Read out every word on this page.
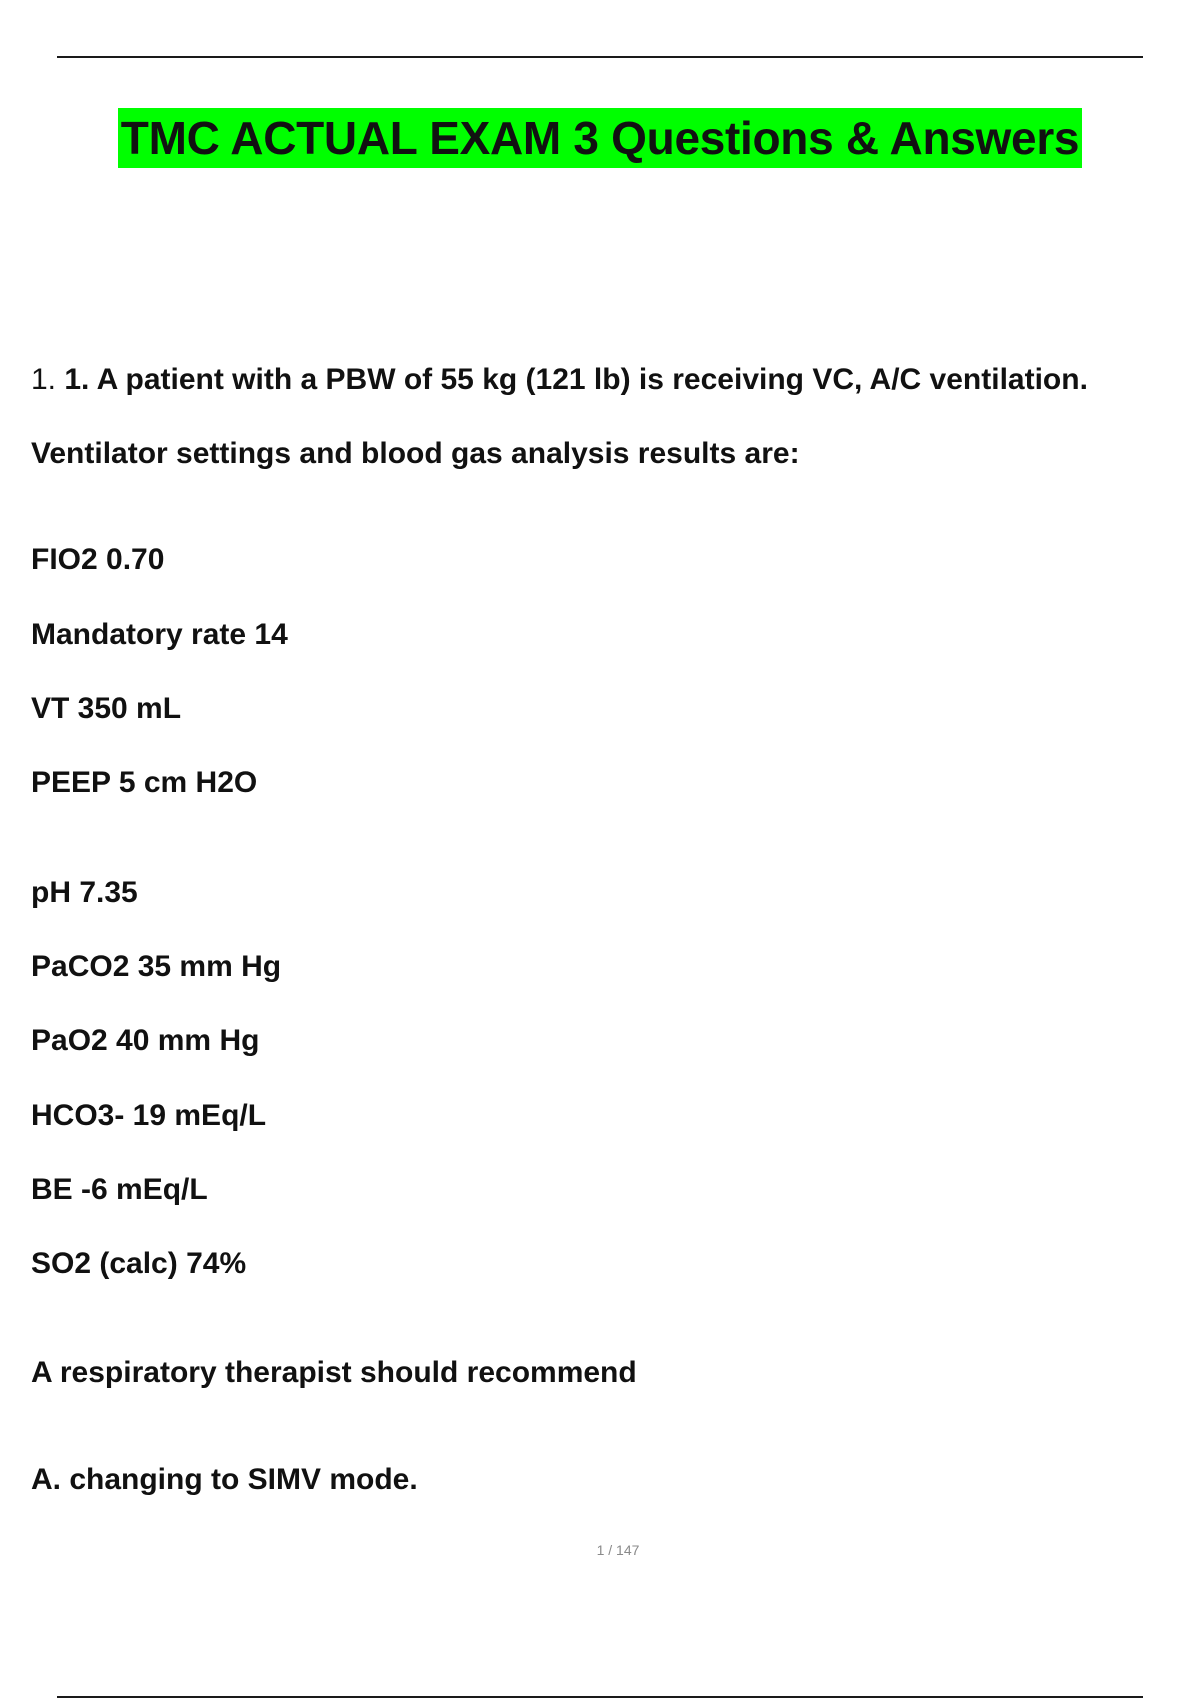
TMC ACTUAL EXAM 3 Questions & Answers
1. 1. A patient with a PBW of 55 kg (121 lb) is receiving VC, A/C ventilation.
Ventilator settings and blood gas analysis results are:
FIO2 0.70
Mandatory rate 14
VT 350 mL
PEEP 5 cm H2O
pH 7.35
PaCO2 35 mm Hg
PaO2 40 mm Hg
HCO3- 19 mEq/L
BE -6 mEq/L
SO2 (calc) 74%
A respiratory therapist should recommend
A. changing to SIMV mode.
1 / 147
